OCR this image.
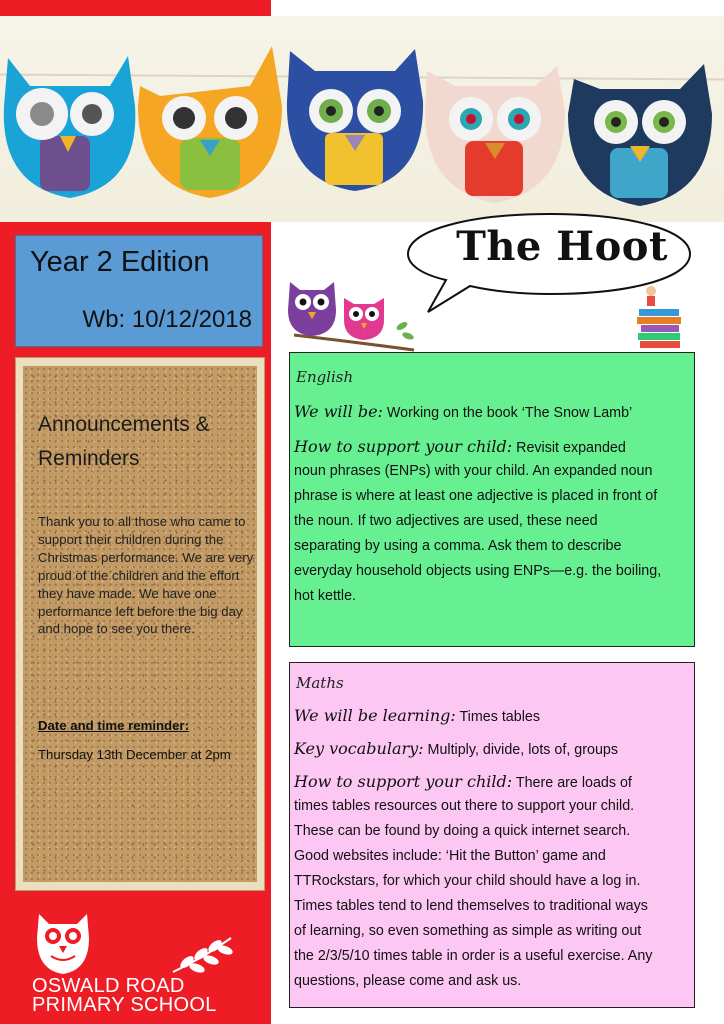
Year 2 Edition
Wb: 10/12/2018
Announcements & Reminders
Thank you to all those who came to support their children during the Christmas performance. We are very proud of the children and the effort they have made. We have one performance left before the big day and hope to see you there.
Date and time reminder:
Thursday 13th December at 2pm
OSWALD ROAD
PRIMARY SCHOOL
The Hoot
English
We will be: Working on the book ‘The Snow Lamb’
How to support your child: Revisit expanded
noun phrases (ENPs) with your child. An expanded noun
phrase is where at least one adjective is placed in front of
the noun. If two adjectives are used, these need
separating by using a comma. Ask them to describe
everyday household objects using ENPs—e.g. the boiling,
hot kettle.
Maths
We will be learning: Times tables
Key vocabulary: Multiply, divide, lots of, groups
How to support your child: There are loads of
times tables resources out there to support your child.
These can be found by doing a quick internet search.
Good websites include: ‘Hit the Button’ game and
TTRockstars, for which your child should have a log in.
Times tables tend to lend themselves to traditional ways
of learning, so even something as simple as writing out
the 2/3/5/10 times table in order is a useful exercise. Any
questions, please come and ask us.
